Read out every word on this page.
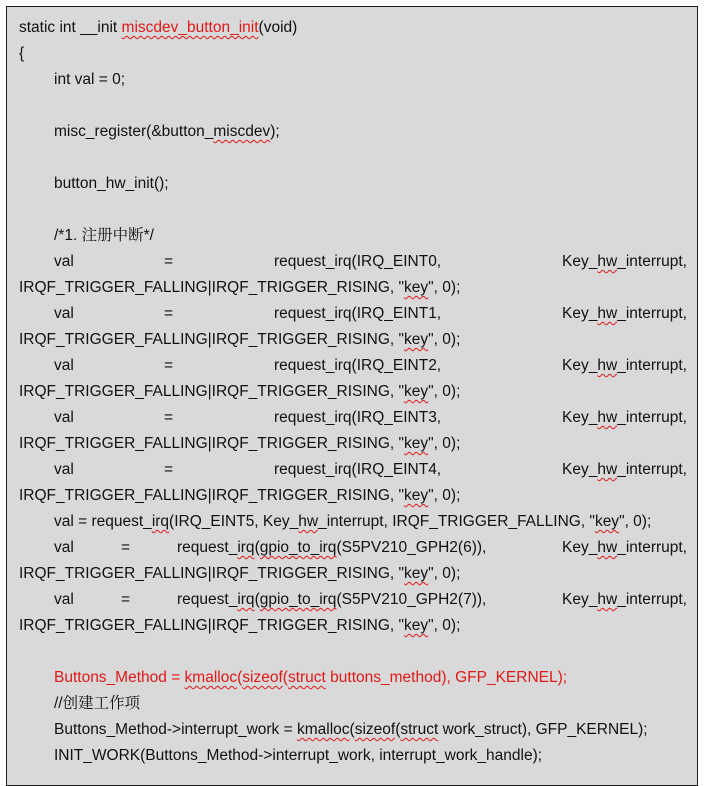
static int __init miscdev_button_init(void)
{
int val = 0;
misc_register(&button_miscdev);
button_hw_init();
/*1. 注册中断*/
val	=	request_irq(IRQ_EINT0,	Key_hw_interrupt,
IRQF_TRIGGER_FALLING|IRQF_TRIGGER_RISING, "key", 0);
val	=	request_irq(IRQ_EINT1,	Key_hw_interrupt,
IRQF_TRIGGER_FALLING|IRQF_TRIGGER_RISING, "key", 0);
val	=	request_irq(IRQ_EINT2,	Key_hw_interrupt,
IRQF_TRIGGER_FALLING|IRQF_TRIGGER_RISING, "key", 0);
val	=	request_irq(IRQ_EINT3,	Key_hw_interrupt,
IRQF_TRIGGER_FALLING|IRQF_TRIGGER_RISING, "key", 0);
val	=	request_irq(IRQ_EINT4,	Key_hw_interrupt,
IRQF_TRIGGER_FALLING|IRQF_TRIGGER_RISING, "key", 0);
val = request_irq(IRQ_EINT5, Key_hw_interrupt, IRQF_TRIGGER_FALLING, "key", 0);
val	=	request_irq(gpio_to_irq(S5PV210_GPH2(6)),	Key_hw_interrupt,
IRQF_TRIGGER_FALLING|IRQF_TRIGGER_RISING, "key", 0);
val	=	request_irq(gpio_to_irq(S5PV210_GPH2(7)),	Key_hw_interrupt,
IRQF_TRIGGER_FALLING|IRQF_TRIGGER_RISING, "key", 0);
Buttons_Method = kmalloc(sizeof(struct buttons_method), GFP_KERNEL);
//创建工作项
Buttons_Method->interrupt_work = kmalloc(sizeof(struct work_struct), GFP_KERNEL);
INIT_WORK(Buttons_Method->interrupt_work, interrupt_work_handle);
